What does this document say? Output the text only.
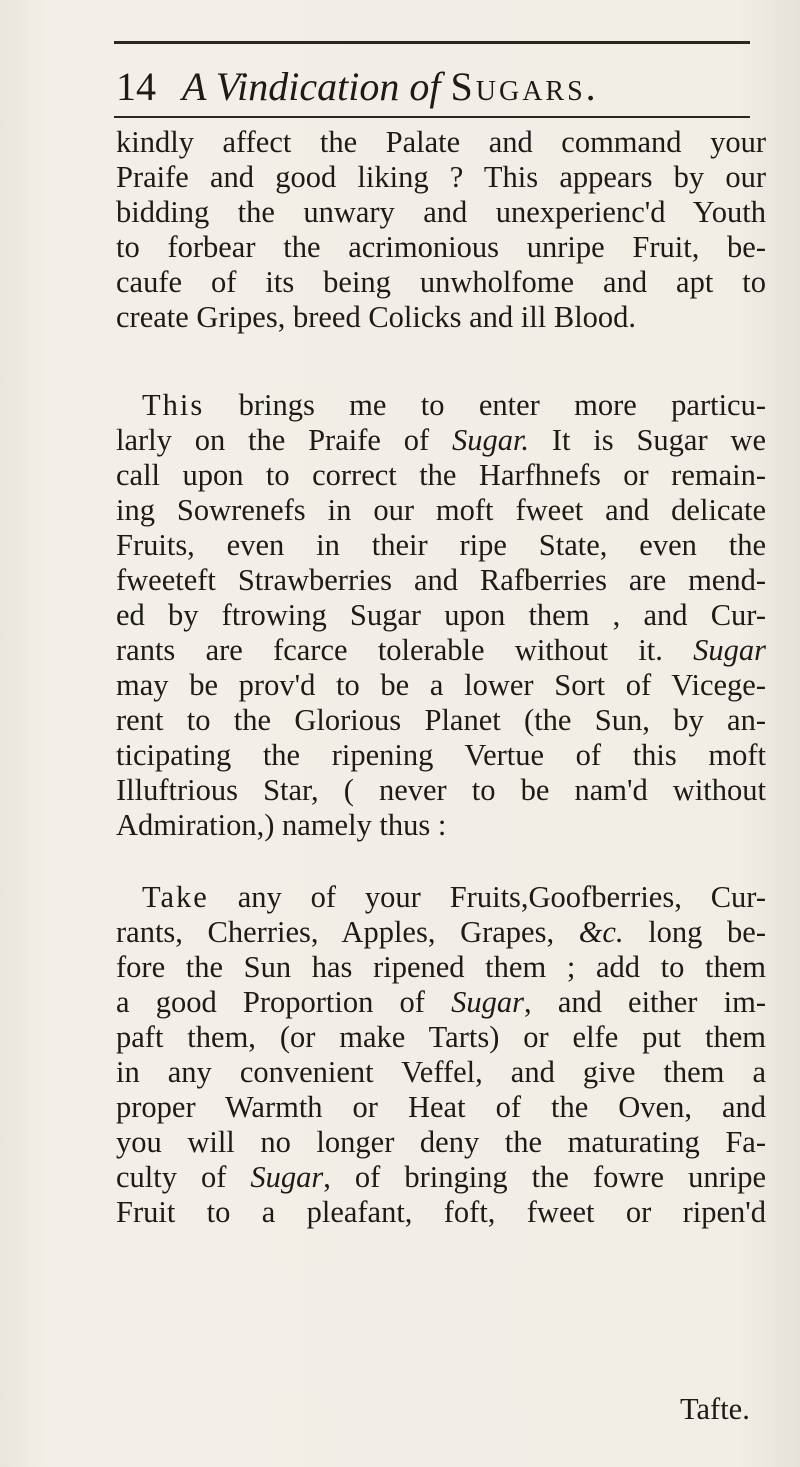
14 A Vindication of Sugars.
kindly affect the Palate and command your
Praife and good liking ? This appears by our
bidding the unwary and unexperienc'd Youth
to forbear the acrimonious unripe Fruit, be-
caufe of its being unwholfome and apt to
create Gripes, breed Colicks and ill Blood.
This brings me to enter more particu-
larly on the Praife of Sugar. It is Sugar we
call upon to correct the Harfhnefs or remain-
ing Sowrenefs in our moft fweet and delicate
Fruits, even in their ripe State, even the
fweeteft Strawberries and Rafberries are mend-
ed by ftrowing Sugar upon them , and Cur-
rants are fcarce tolerable without it. Sugar
may be prov'd to be a lower Sort of Vicege-
rent to the Glorious Planet (the Sun, by an-
ticipating the ripening Vertue of this moft
Illuftrious Star, ( never to be nam'd without
Admiration,) namely thus :
Take any of your Fruits,Goofberries, Cur-
rants, Cherries, Apples, Grapes, &c. long be-
fore the Sun has ripened them ; add to them
a good Proportion of Sugar, and either im-
paft them, (or make Tarts) or elfe put them
in any convenient Veffel, and give them a
proper Warmth or Heat of the Oven, and
you will no longer deny the maturating Fa-
culty of Sugar, of bringing the fowre unripe
Fruit to a pleafant, foft, fweet or ripen'd
Tafte.
